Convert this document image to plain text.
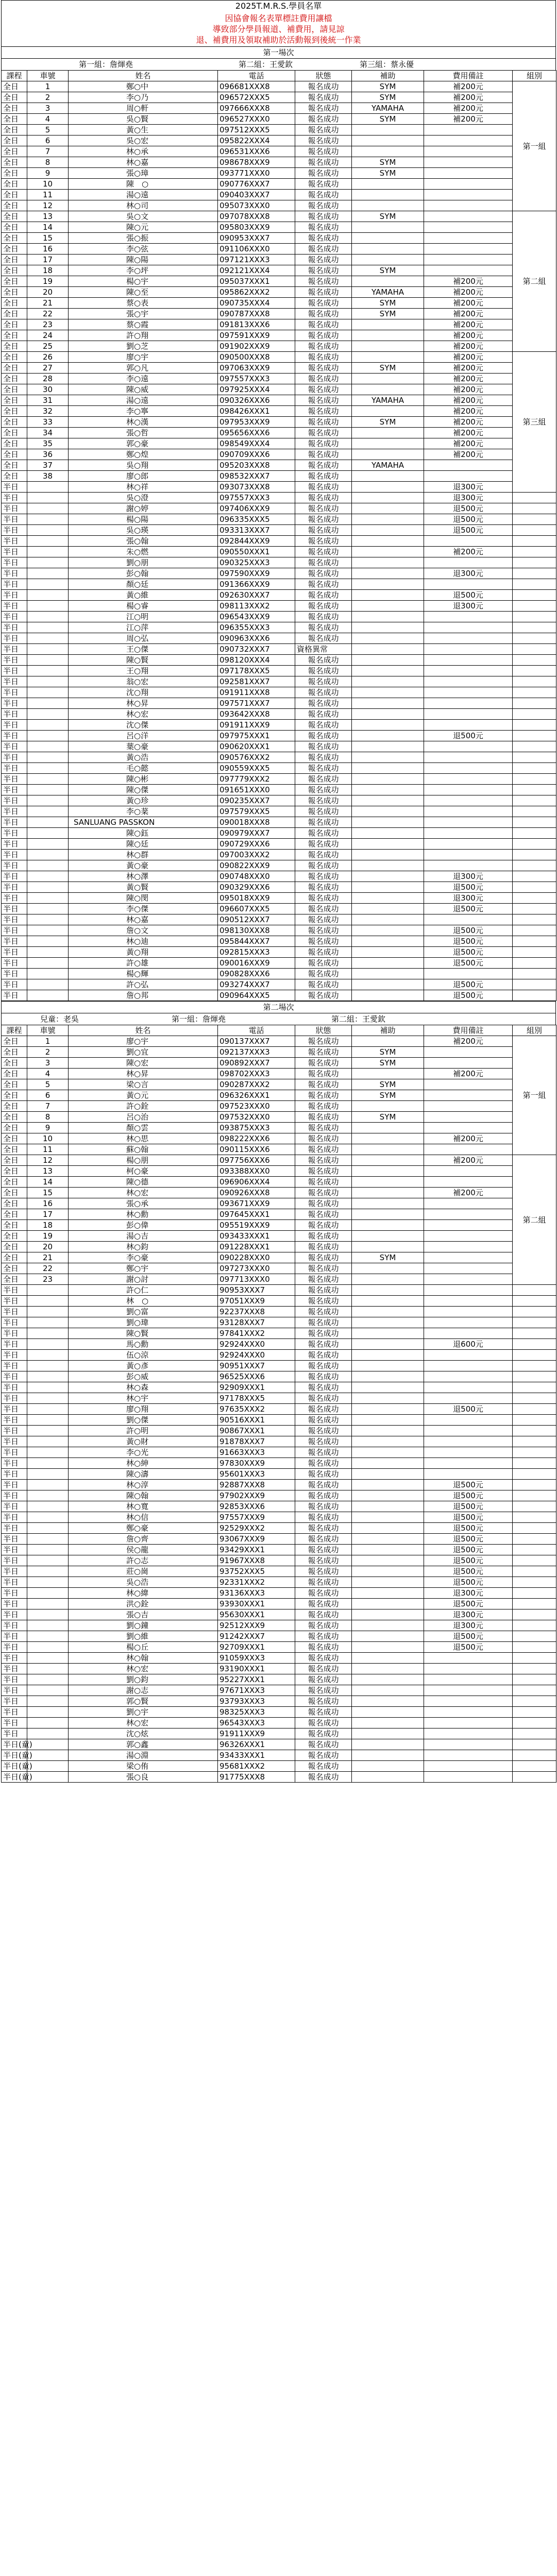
2025T.M.R.S.學員名單
因協會報名表單標註費用讓檔
導致部分學員報道、補費用，請見諒
退、補費用及領取補助於活動報到後統一作業
第一場次
第一組：詹煇堯	第二組：王愛欽	第三組：蔡永優
課程	車號	姓名	電話	狀態	補助	費用備註	組別
全日	1	鄭○中	096681XXX8	報名成功	SYM	補200元	第一組
全日	2	李○乃	096572XXX5	報名成功	SYM	補200元	
全日	3	周○軒	097666XXX8	報名成功	YAMAHA	補200元	
全日	4	吳○賢	096527XXX0	報名成功	SYM	補200元	
全日	5	黃○生	097512XXX5	報名成功			
全日	6	吳○宏	095822XXX4	報名成功			
全日	7	林○承	096531XXX6	報名成功			
全日	8	林○嘉	098678XXX9	報名成功	SYM		
全日	9	張○璋	093771XXX0	報名成功	SYM		
全日	10	陳　○	090776XXX7	報名成功			
全日	11	湯○遠	090403XXX7	報名成功			
全日	12	林○司	095073XXX0	報名成功			
全日	13	吳○文	097078XXX8	報名成功	SYM		第二組
全日	14	陳○元	095803XXX9	報名成功			
全日	15	張○振	090953XXX7	報名成功			
全日	16	李○弦	091106XXX0	報名成功			
全日	17	陳○陽	097121XXX3	報名成功			
全日	18	李○坪	092121XXX4	報名成功	SYM		
全日	19	楊○宇	095037XXX1	報名成功		補200元	
全日	20	陳○至	095862XXX2	報名成功	YAMAHA	補200元	
全日	21	蔡○表	090735XXX4	報名成功	SYM	補200元	
全日	22	張○宇	090787XXX8	報名成功	SYM	補200元	
全日	23	蔡○霞	091813XXX6	報名成功		補200元	
全日	24	許○翔	097591XXX9	報名成功		補200元	
全日	25	劉○芝	091902XXX9	報名成功		補200元	
全日	26	廖○宇	090500XXX8	報名成功		補200元	第三組
全日	27	郭○凡	097063XXX9	報名成功	SYM	補200元	
全日	28	李○遠	097557XXX3	報名成功		補200元	
全日	30	陳○威	097925XXX4	報名成功		補200元	
全日	31	湯○遠	090326XXX6	報名成功	YAMAHA	補200元	
全日	32	李○寧	098426XXX1	報名成功		補200元	
全日	33	林○漢	097953XXX9	報名成功	SYM	補200元	
全日	34	張○哲	095656XXX6	報名成功		補200元	
全日	35	郭○豪	098549XXX4	報名成功		補200元	
全日	36	鄭○煌	090709XXX6	報名成功		補200元	
全日	37	吳○翔	095203XXX8	報名成功	YAMAHA		
全日	38	廖○郎	098532XXX7	報名成功			
半日		林○祥	093073XXX8	報名成功		退300元	
半日		吳○澄	097557XXX3	報名成功		退300元	
半日		謝○婷	097406XXX9	報名成功		退500元	
半日		楊○陽	096335XXX5	報名成功		退500元	
半日		吳○瑛	093313XXX7	報名成功		退500元	
半日		張○翰	092844XXX9	報名成功			
半日		朱○燃	090550XXX1	報名成功		補200元	
半日		劉○朋	090325XXX3	報名成功			
半日		彭○翰	097590XXX9	報名成功		退300元	
半日		顏○廷	091366XXX9	報名成功			
半日		黃○維	092630XXX7	報名成功		退500元	
半日		楊○睿	098113XXX2	報名成功		退300元	
半日		江○明	096543XXX9	報名成功			
半日		江○萍	096355XXX3	報名成功			
半日		周○弘	090963XXX6	報名成功			
半日		王○傑	090732XXX7	資格異常			
半日		陳○賢	098120XXX4	報名成功			
半日		王○翔	097178XXX5	報名成功			
半日		翁○宏	092581XXX7	報名成功			
半日		沈○翔	091911XXX8	報名成功			
半日		林○昇	097571XXX7	報名成功			
半日		林○宏	093642XXX8	報名成功			
半日		沈○傑	091911XXX9	報名成功			
半日		呂○洋	097975XXX1	報名成功		退500元	
半日		葉○豪	090620XXX1	報名成功			
半日		黃○浩	090576XXX2	報名成功			
半日		毛○懿	090559XXX5	報名成功			
半日		陳○彬	097779XXX2	報名成功			
半日		陳○傑	091651XXX0	報名成功			
半日		黃○珍	090235XXX7	報名成功			
半日		李○棻	097579XXX5	報名成功			
半日		SANLUANG PASSKON	090018XXX8	報名成功			
半日		陳○鈺	090979XXX7	報名成功			
半日		陳○廷	090729XXX6	報名成功			
半日		林○群	097003XXX2	報名成功			
半日		黃○豪	090822XXX9	報名成功			
半日		林○澤	090748XXX0	報名成功		退300元	
半日		黃○賢	090329XXX6	報名成功		退500元	
半日		陳○閔	095018XXX9	報名成功		退300元	
半日		李○傑	096607XXX5	報名成功		退500元	
半日		林○嘉	090512XXX7	報名成功			
半日		詹○文	098130XXX8	報名成功		退500元	
半日		林○迪	095844XXX7	報名成功		退500元	
半日		黃○翔	092815XXX3	報名成功		退500元	
半日		許○雄	090016XXX9	報名成功		退500元	
半日		楊○輝	090828XXX6	報名成功			
半日		許○弘	093274XXX7	報名成功		退500元	
半日		詹○邦	090964XXX5	報名成功		退500元	
第二場次
兒童：老吳	第一組：詹煇堯	第二組：王愛欽
課程	車號	姓名	電話	狀態	補助	費用備註	組別
全日	1	廖○宇	090137XXX7	報名成功		補200元	第一組
全日	2	劉○宜	092137XXX3	報名成功	SYM		
全日	3	陳○宏	090892XXX7	報名成功	SYM		
全日	4	林○昇	098702XXX3	報名成功		補200元	
全日	5	梁○言	090287XXX2	報名成功	SYM		
全日	6	黃○元	096326XXX1	報名成功	SYM		
全日	7	許○銓	097523XXX0	報名成功			
全日	8	呂○治	097532XXX0	報名成功	SYM		
全日	9	顏○雲	093875XXX3	報名成功			
全日	10	林○思	098222XXX6	報名成功		補200元	
全日	11	蘇○翰	090115XXX6	報名成功			
全日	12	楊○朋	097756XXX6	報名成功		補200元	第二組
全日	13	柯○豪	093388XXX0	報名成功			
全日	14	陳○德	096906XXX4	報名成功			
全日	15	林○宏	090926XXX8	報名成功		補200元	
全日	16	張○承	093671XXX9	報名成功			
全日	17	林○勳	097645XXX1	報名成功			
全日	18	彭○偉	095519XXX9	報名成功			
全日	19	湯○吉	093433XXX1	報名成功			
全日	20	林○鈞	091228XXX1	報名成功			
全日	21	李○豪	090228XXX0	報名成功	SYM		
全日	22	鄭○宇	097273XXX0	報名成功			
全日	23	謝○討	097713XXX0	報名成功			
半日		許○仁	90953XXX7	報名成功			
半日		林　○	97051XXX9	報名成功			
半日		劉○富	92237XXX8	報名成功			
半日		劉○瑋	93128XXX7	報名成功			
半日		陳○賢	97841XXX2	報名成功			
半日		馬○勳	92924XXX0	報名成功		退600元	
半日		伍○涼	92924XXX0	報名成功			
半日		黃○彥	90951XXX7	報名成功			
半日		彭○威	96525XXX6	報名成功			
半日		林○森	92909XXX1	報名成功			
半日		林○宇	97178XXX5	報名成功			
半日		廖○翔	97635XXX2	報名成功		退500元	
半日		劉○傑	90516XXX1	報名成功			
半日		許○明	90867XXX1	報名成功			
半日		黃○財	91878XXX7	報名成功			
半日		李○光	91663XXX3	報名成功			
半日		林○紳	97830XXX9	報名成功			
半日		陳○濤	95601XXX3	報名成功			
半日		林○淳	92887XXX8	報名成功		退500元	
半日		陳○翰	97902XXX9	報名成功		退500元	
半日		林○寬	92853XXX6	報名成功		退500元	
半日		林○信	97557XXX9	報名成功		退500元	
半日		鄭○豪	92529XXX2	報名成功		退500元	
半日		詹○齊	93067XXX9	報名成功		退500元	
半日		侯○龍	93429XXX1	報名成功		退500元	
半日		許○志	91967XXX8	報名成功		退500元	
半日		莊○崗	93752XXX5	報名成功		退500元	
半日		吳○浩	92331XXX2	報名成功		退500元	
半日		林○緯	93136XXX3	報名成功		退300元	
半日		洪○銓	93930XXX1	報名成功		退500元	
半日		張○吉	95630XXX1	報名成功		退300元	
半日		劉○鐘	92512XXX9	報名成功		退300元	
半日		劉○維	91242XXX7	報名成功		退500元	
半日		楊○丘	92709XXX1	報名成功		退500元	
半日		林○翰	91059XXX3	報名成功			
半日		林○宏	93190XXX1	報名成功			
半日		劉○鈞	95227XXX1	報名成功			
半日		謝○志	97671XXX3	報名成功			
半日		郭○賢	93793XXX3	報名成功			
半日		劉○宇	98325XXX3	報名成功			
半日		林○宏	96543XXX3	報名成功			
半日		沈○炫	91911XXX9	報名成功			
半日(童)		郭○鑫	96326XXX1	報名成功			
半日(童)		湯○淵	93433XXX1	報名成功			
半日(童)		梁○侑	95681XXX2	報名成功			
半日(童)		張○良	91775XXX8	報名成功			
